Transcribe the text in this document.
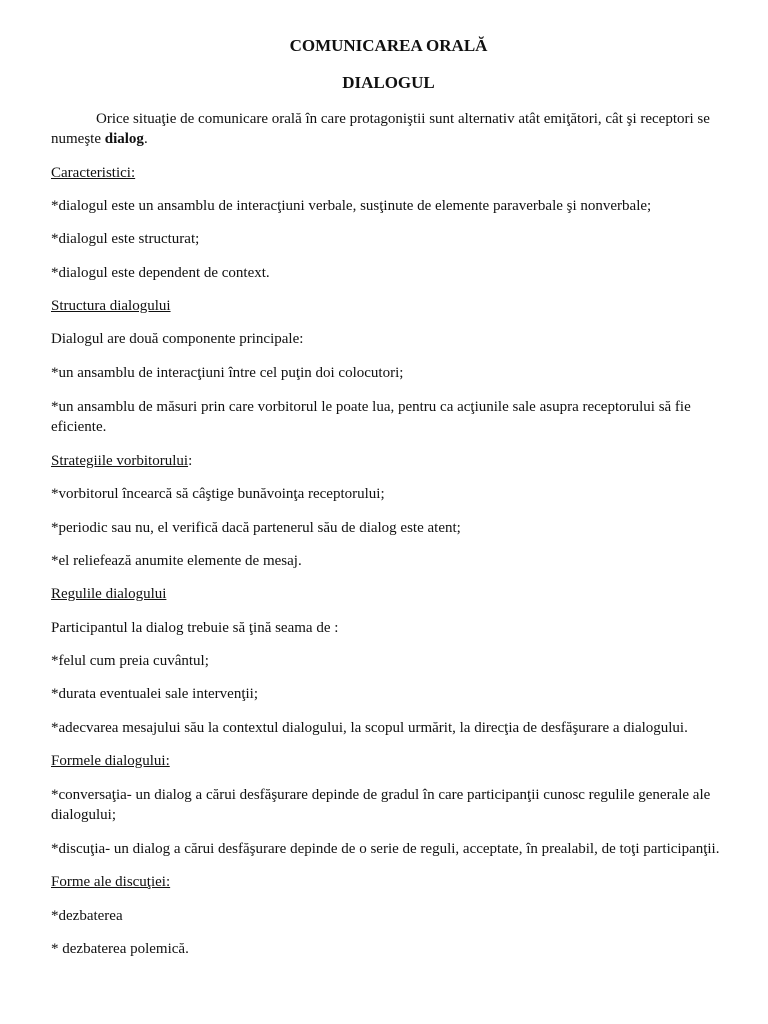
COMUNICAREA ORALĂ
DIALOGUL

Orice situaţie de comunicare orală în care protagoniştii sunt alternativ atât emiţători, cât şi receptori se numeşte dialog.

Caracteristici:

*dialogul este un ansamblu de interacţiuni verbale, susţinute de elemente paraverbale şi nonverbale;

*dialogul este structurat;

*dialogul este dependent de context.

Structura dialogului

Dialogul are două componente principale:

*un ansamblu de interacţiuni între cel puţin doi colocutori;

*un ansamblu de măsuri prin care vorbitorul le poate lua, pentru ca acţiunile sale asupra receptorului să fie eficiente.

Strategiile vorbitorului:

*vorbitorul încearcă să câştige bunăvoinţa receptorului;

*periodic sau nu, el verifică dacă partenerul său de dialog este atent;

*el reliefează anumite elemente de mesaj.

Regulile dialogului

Participantul la dialog trebuie să ţină seama de :

*felul cum preia cuvântul;

*durata eventualei sale intervenţii;

*adecvarea mesajului său la contextul dialogului, la scopul urmărit, la direcţia de desfăşurare a dialogului.

Formele dialogului:

*conversaţia- un dialog a cărui desfăşurare depinde de gradul în care participanţii cunosc regulile generale ale dialogului;

*discuţia- un dialog a cărui desfăşurare depinde de o serie de reguli, acceptate, în prealabil, de toţi participanţii.

Forme ale discuţiei:

*dezbaterea

* dezbaterea polemică.
